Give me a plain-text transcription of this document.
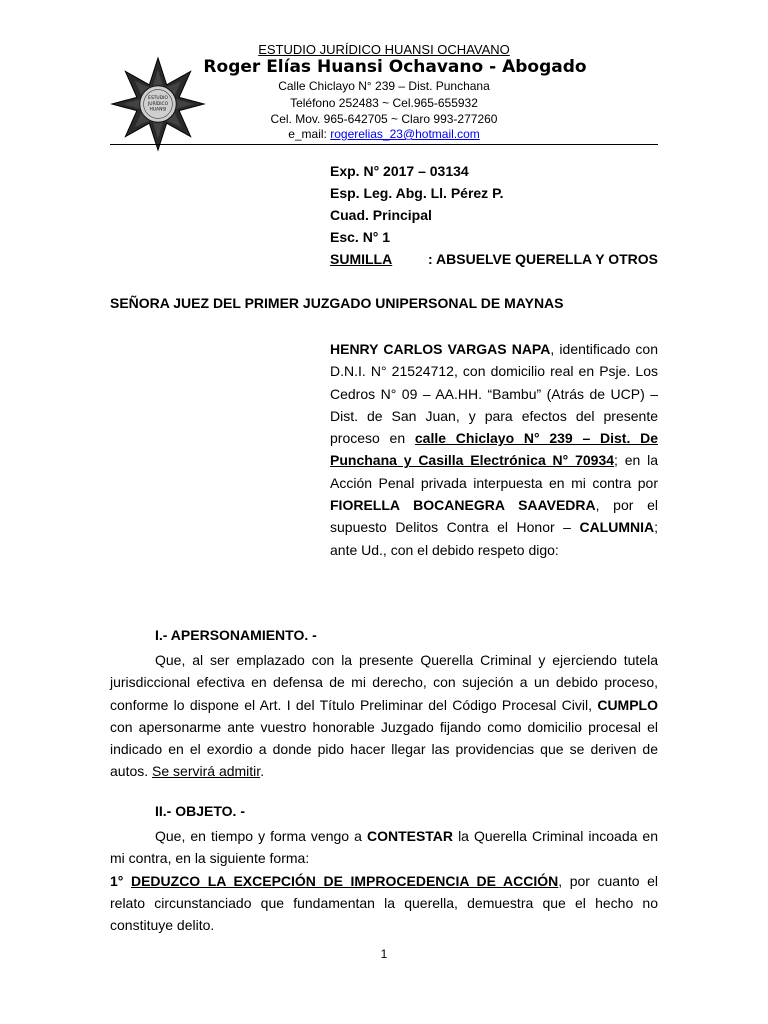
ESTUDIO
JURÍDICO
HUANSI
ESTUDIO JURÍDICO HUANSI OCHAVANO
Roger Elías Huansi Ochavano - Abogado
Calle Chiclayo N° 239 – Dist. Punchana
Teléfono 252483 ~ Cel.965-655932
Cel. Mov. 965-642705 ~ Claro 993-277260
e_mail: rogerelias_23@hotmail.com
Exp. N° 2017 – 03134
Esp. Leg. Abg. Ll. Pérez P.
Cuad. Principal
Esc. N° 1
SUMILLA	: ABSUELVE QUERELLA Y OTROS
SEÑORA JUEZ DEL PRIMER JUZGADO UNIPERSONAL DE MAYNAS
HENRY CARLOS VARGAS NAPA, identificado con D.N.I. N° 21524712, con domicilio real en Psje. Los Cedros N° 09 – AA.HH. “Bambu” (Atrás de UCP) – Dist. de San Juan, y para efectos del presente proceso en calle Chiclayo N° 239 – Dist. De Punchana y Casilla Electrónica N° 70934; en la Acción Penal privada interpuesta en mi contra por FIORELLA BOCANEGRA SAAVEDRA, por el supuesto Delitos Contra el Honor – CALUMNIA; ante Ud., con el debido respeto digo:
I.- APERSONAMIENTO. -
Que, al ser emplazado con la presente Querella Criminal y ejerciendo tutela jurisdiccional efectiva en defensa de mi derecho, con sujeción a un debido proceso, conforme lo dispone el Art. I del Título Preliminar del Código Procesal Civil, CUMPLO con apersonarme ante vuestro honorable Juzgado fijando como domicilio procesal el indicado en el exordio a donde pido hacer llegar las providencias que se deriven de autos. Se servirá admitir.
II.- OBJETO. -
Que, en tiempo y forma vengo a CONTESTAR la Querella Criminal incoada en mi contra, en la siguiente forma:
1° DEDUZCO LA EXCEPCIÓN DE IMPROCEDENCIA DE ACCIÓN, por cuanto el relato circunstanciado que fundamentan la querella, demuestra que el hecho no constituye delito.
1
